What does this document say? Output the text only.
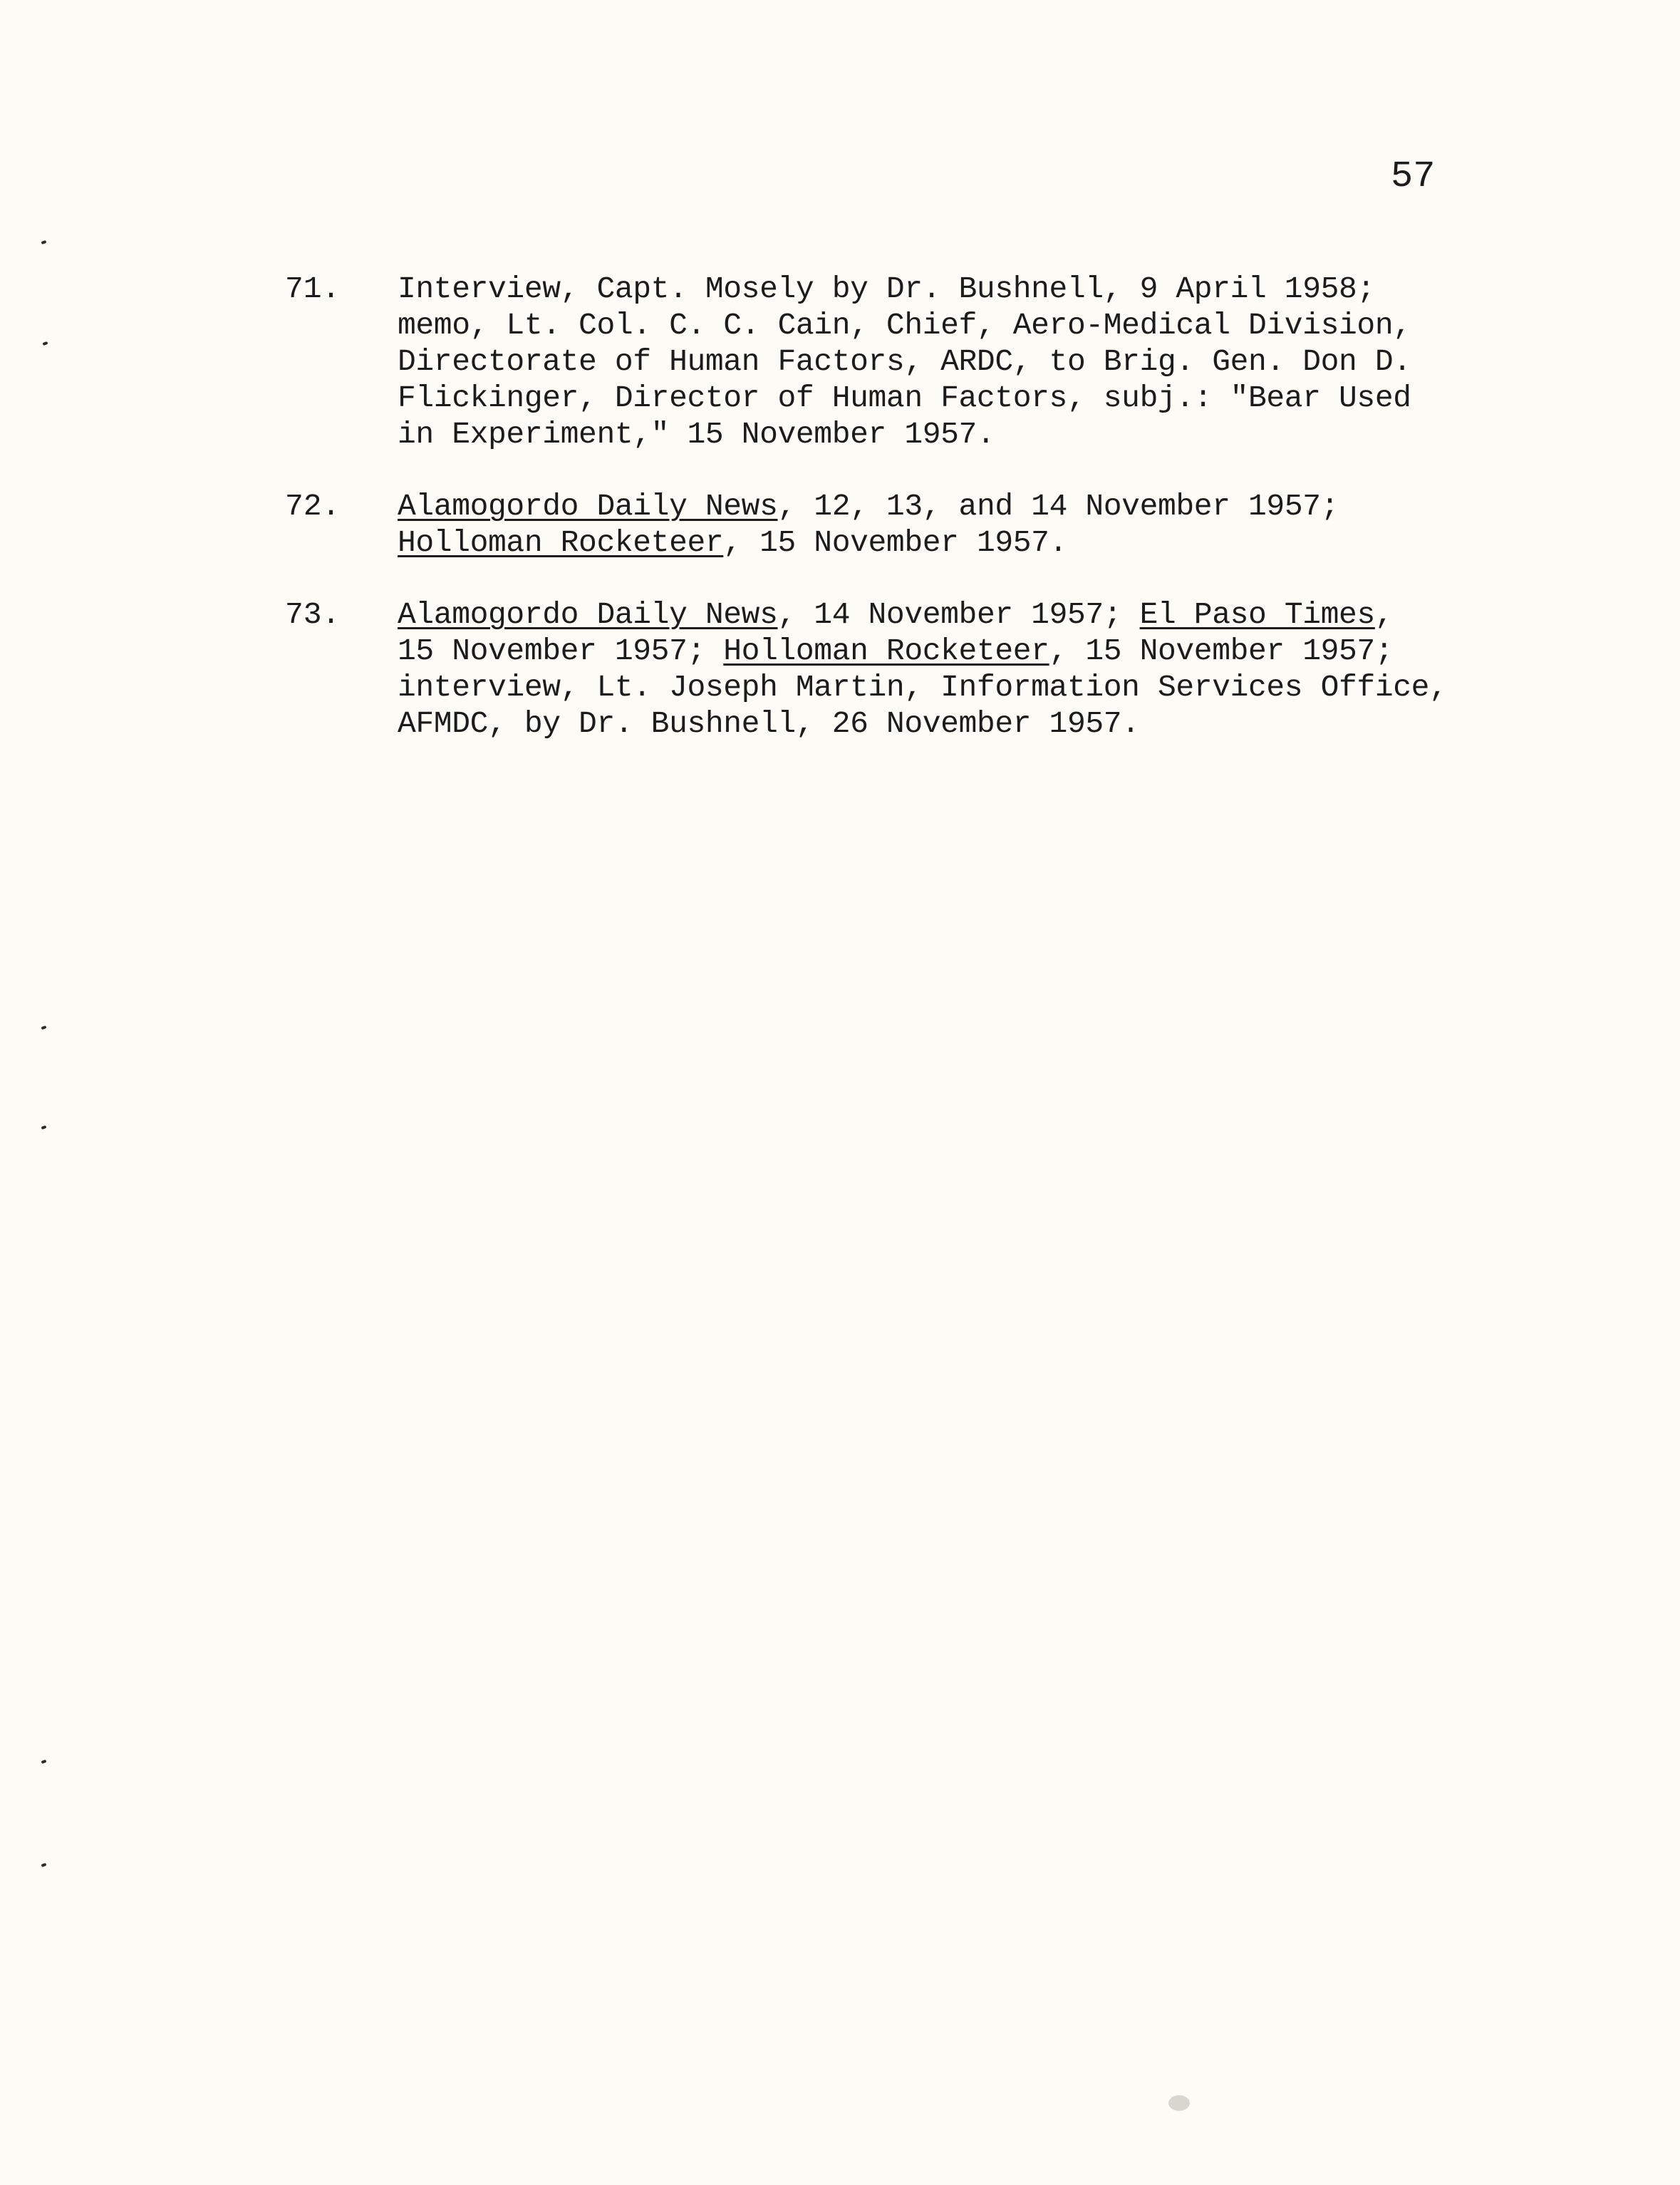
57
71.	Interview, Capt. Mosely by Dr. Bushnell, 9 April 1958;
memo, Lt. Col. C. C. Cain, Chief, Aero-Medical Division,
Directorate of Human Factors, ARDC, to Brig. Gen. Don D.
Flickinger, Director of Human Factors, subj.: "Bear Used
in Experiment," 15 November 1957.
72.	Alamogordo Daily News, 12, 13, and 14 November 1957;
Holloman Rocketeer, 15 November 1957.
73.	Alamogordo Daily News, 14 November 1957; El Paso Times,
15 November 1957; Holloman Rocketeer, 15 November 1957;
interview, Lt. Joseph Martin, Information Services Office,
AFMDC, by Dr. Bushnell, 26 November 1957.
